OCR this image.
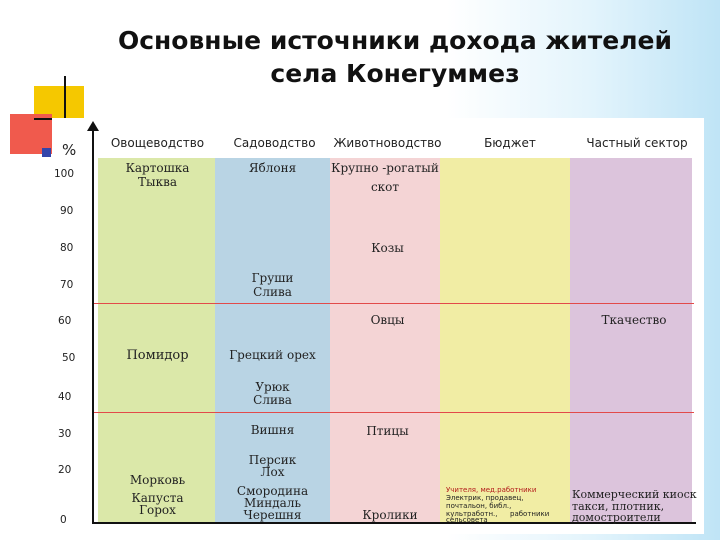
Основные источники дохода жителей
села Конегуммез
Овощеводство	Садоводство	Животноводство	Бюджет	Частный сектор
%
100
90
80
70
60
50
40
30
20
0
Картошка
Тыква
Помидор
Морковь
Капуста
Горох
Яблоня
Груши
Слива
Грецкий орех
Урюк
Слива
Вишня
Персик
Лох
Смородина
Миндаль
Черешня
Крупно -рогатый
скот
Козы
Овцы
Птицы
Кролики
Учителя, мед.работники
Электрик, продавец,
почтальон, библ.,
культработн.,	работники
сельсовета
Ткачество
Коммерческий киоск
такси, плотник,
домостроители
